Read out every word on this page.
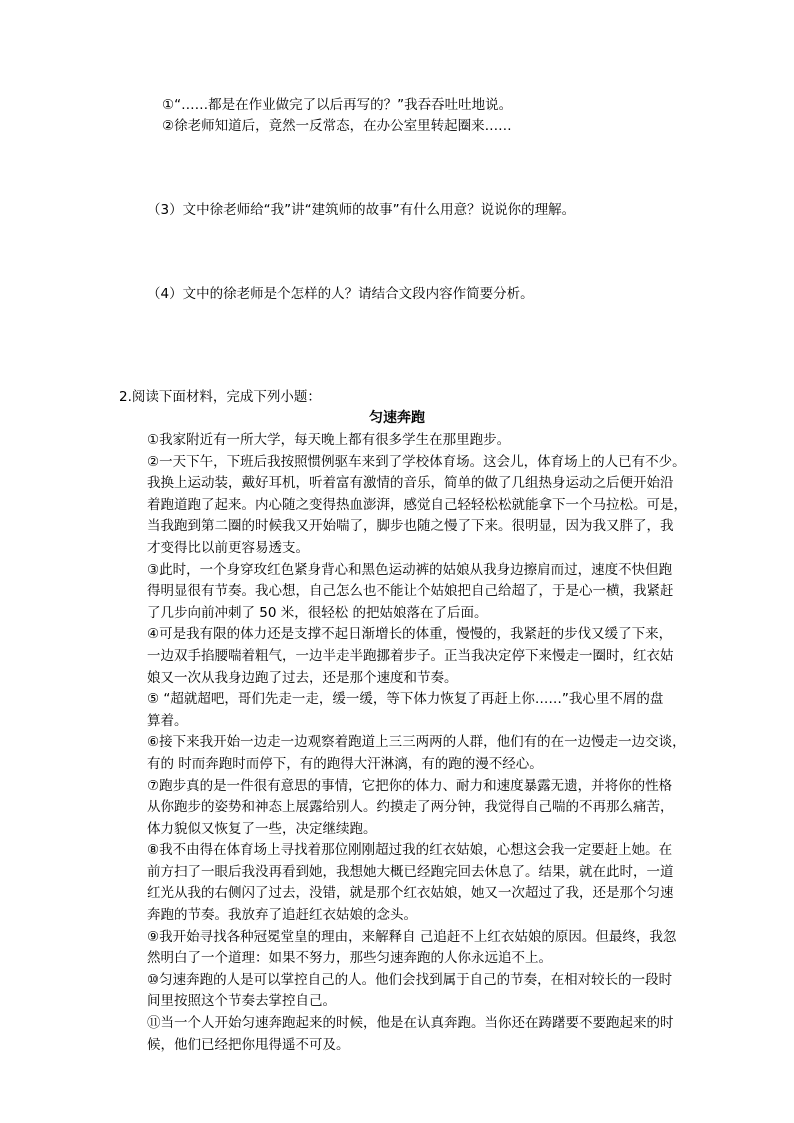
①“……都是在作业做完了以后再写的？”我吞吞吐吐地说。
②徐老师知道后，竟然一反常态，在办公室里转起圈来……
（3）文中徐老师给“我”讲“建筑师的故事”有什么用意？说说你的理解。
（4）文中的徐老师是个怎样的人？请结合文段内容作简要分析。
2.阅读下面材料，完成下列小题：
匀速奔跑
①我家附近有一所大学，每天晚上都有很多学生在那里跑步。
②一天下午，下班后我按照惯例驱车来到了学校体育场。这会儿，体育场上的人已有不少。
我换上运动装，戴好耳机，听着富有激情的音乐，简单的做了几组热身运动之后便开始沿
着跑道跑了起来。内心随之变得热血澎湃，感觉自己轻轻松松就能拿下一个马拉松。可是，
当我跑到第二圈的时候我又开始喘了，脚步也随之慢了下来。很明显，因为我又胖了，我
才变得比以前更容易透支。
③此时，一个身穿玫红色紧身背心和黑色运动裤的姑娘从我身边擦肩而过，速度不快但跑
得明显很有节奏。我心想，自己怎么也不能让个姑娘把自己给超了，于是心一横，我紧赶
了几步向前冲刺了 50 米，很轻松 的把姑娘落在了后面。
④可是我有限的体力还是支撑不起日渐增长的体重，慢慢的，我紧赶的步伐又缓了下来，
一边双手掐腰喘着粗气，一边半走半跑挪着步子。正当我决定停下来慢走一圈时，红衣姑
娘又一次从我身边跑了过去，还是那个速度和节奏。
⑤ “超就超吧，哥们先走一走，缓一缓，等下体力恢复了再赶上你……”我心里不屑的盘
算着。
⑥接下来我开始一边走一边观察着跑道上三三两两的人群，他们有的在一边慢走一边交谈，
有的 时而奔跑时而停下，有的跑得大汗淋漓，有的跑的漫不经心。
⑦跑步真的是一件很有意思的事情，它把你的体力、耐力和速度暴露无遗，并将你的性格
从你跑步的姿势和神态上展露给别人。约摸走了两分钟，我觉得自己喘的不再那么痛苦，
体力貌似又恢复了一些，决定继续跑。
⑧我不由得在体育场上寻找着那位刚刚超过我的红衣姑娘，心想这会我一定要赶上她。在
前方扫了一眼后我没再看到她，我想她大概已经跑完回去休息了。结果，就在此时，一道
红光从我的右侧闪了过去，没错，就是那个红衣姑娘，她又一次超过了我，还是那个匀速
奔跑的节奏。我放弃了追赶红衣姑娘的念头。
⑨我开始寻找各种冠冕堂皇的理由，来解释自 己追赶不上红衣姑娘的原因。但最终，我忽
然明白了一个道理：如果不努力，那些匀速奔跑的人你永远追不上。
⑩匀速奔跑的人是可以掌控自己的人。他们会找到属于自己的节奏，在相对较长的一段时
间里按照这个节奏去掌控自己。
⑪当一个人开始匀速奔跑起来的时候，他是在认真奔跑。当你还在踌躇要不要跑起来的时
候，他们已经把你甩得遥不可及。
